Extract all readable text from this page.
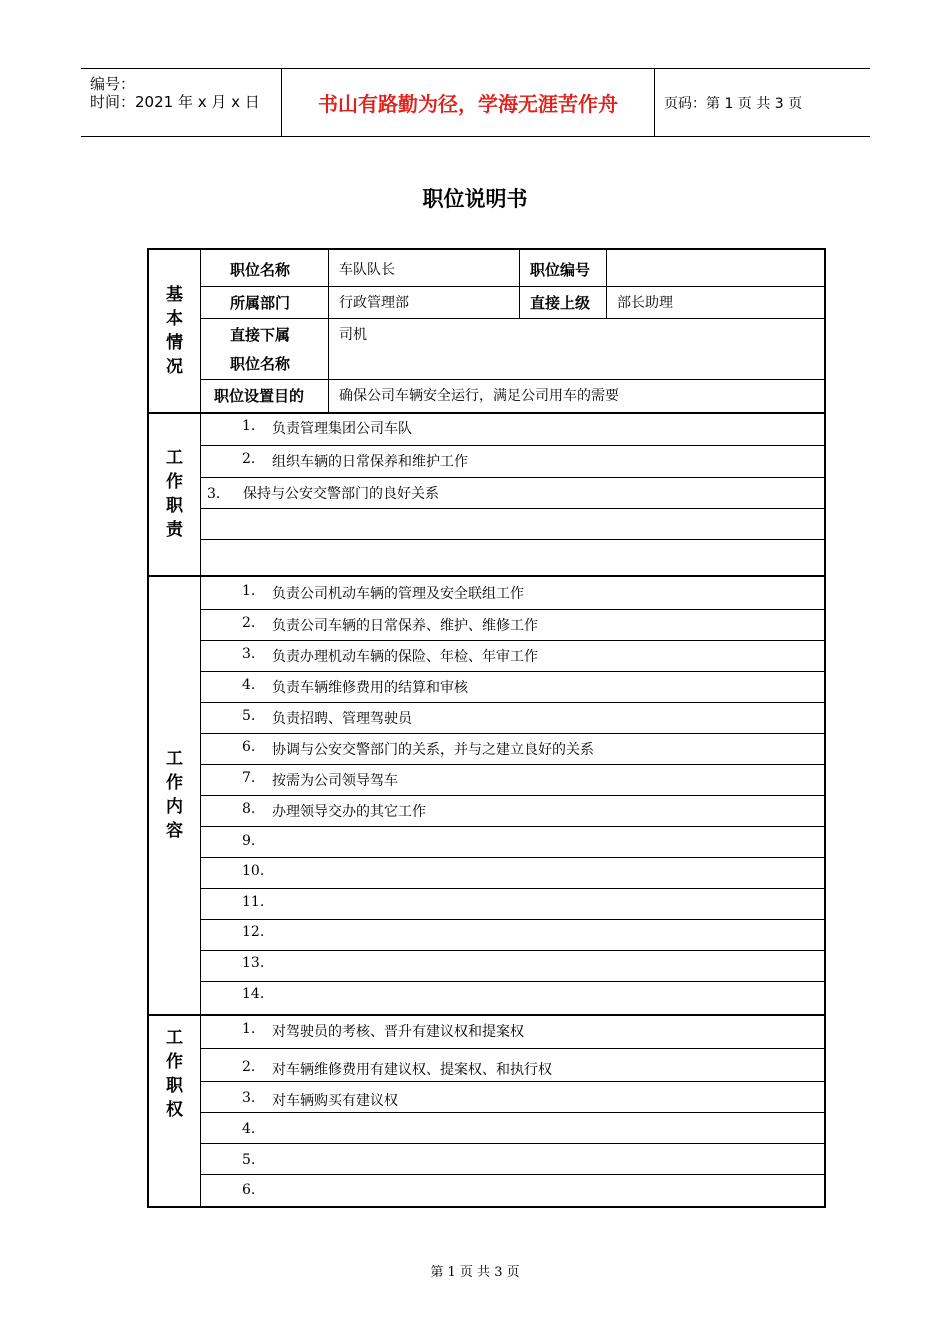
编号：
时间：2021 年 x 月 x 日	书山有路勤为径，学海无涯苦作舟	页码：第 1 页 共 3 页
职位说明书
基
本
情
况
职位名称	车队队长	职位编号
所属部门	行政管理部	直接上级 部长助理
直接下属
职位名称
司机
职位设置目的 确保公司车辆安全运行，满足公司用车的需要
工
作
职
责
1. 负责管理集团公司车队
2. 组织车辆的日常保养和维护工作
3． 保持与公安交警部门的良好关系
工
作
内
容
1. 负责公司机动车辆的管理及安全联组工作
2. 负责公司车辆的日常保养、维护、维修工作
3. 负责办理机动车辆的保险、年检、年审工作
4. 负责车辆维修费用的结算和审核
5. 负责招聘、管理驾驶员
6. 协调与公安交警部门的关系，并与之建立良好的关系
7. 按需为公司领导驾车
8. 办理领导交办的其它工作
9.
10.
11.
12.
13.
14.
工
作
职
权
1. 对驾驶员的考核、晋升有建议权和提案权
2. 对车辆维修费用有建议权、提案权、和执行权
3. 对车辆购买有建议权
4.
5.
6.
第 1 页 共 3 页
